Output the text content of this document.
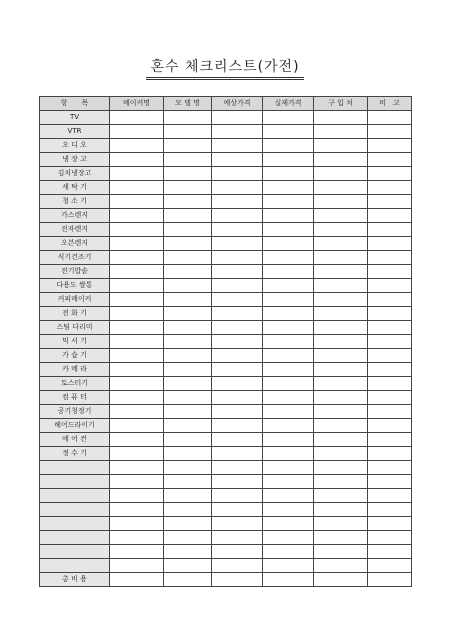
혼수 체크리스트(가전)
항　　목	메이커명	모 델 명	예상가격	실제가격	구 입 처	비　고
TV						
VTR						
오 디 오						
냉 장 고						
김치냉장고						
세 탁 기						
청 소 기						
가스렌지						
전자렌지						
오븐렌지						
식기건조기						
전기밥솥						
다용도 쌀통						
커피메이커						
전 화 기						
스팀 다리미						
믹 서 기						
가 습 기						
카 메 라						
토스터기						
컴 퓨 터						
공기청정기						
헤어드라이기						
에 어 컨						
정 수 기						

총 비 용						
